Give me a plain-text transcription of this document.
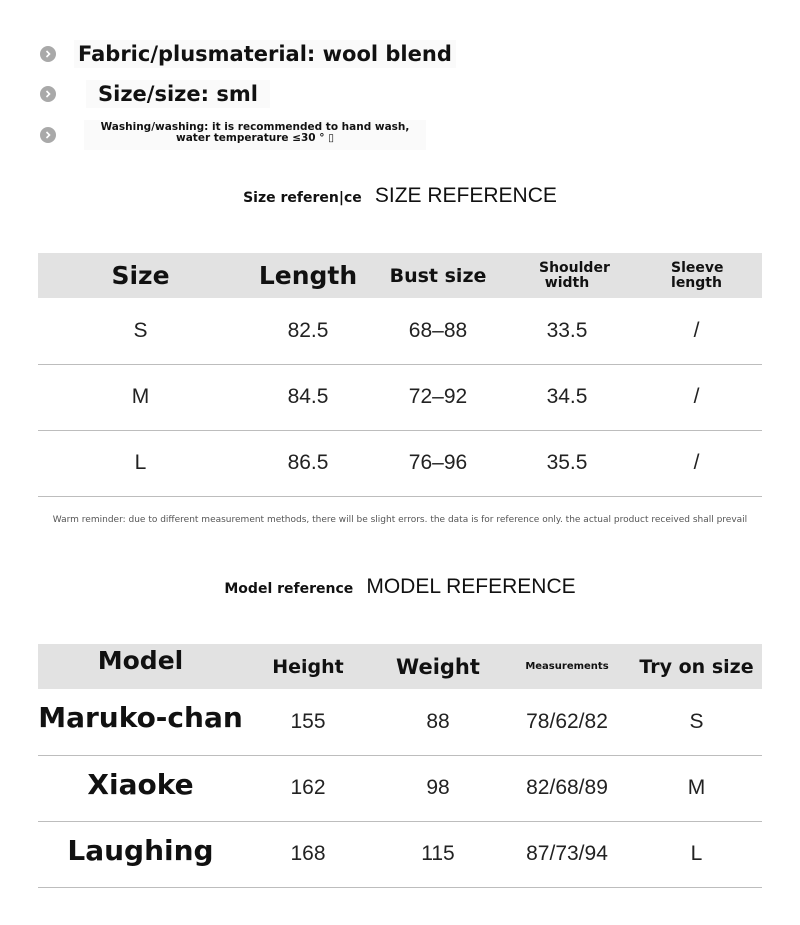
Fabric/plusmaterial: wool blend
Size/size: sml
Washing/washing: it is recommended to hand wash, water temperature ≤30 ° ▯
Size referen|ce SIZE REFERENCE
Size	Length	Bust size	Shoulder width	Sleeve length
S	82.5	68–88	33.5	/
M	84.5	72–92	34.5	/
L	86.5	76–96	35.5	/
Warm reminder: due to different measurement methods, there will be slight errors. the data is for reference only. the actual product received shall prevail
Model reference MODEL REFERENCE
Model	Height	Weight	Measurements	Try on size
Maruko-chan	155	88	78/62/82	S
Xiaoke	162	98	82/68/89	M
Laughing	168	115	87/73/94	L
